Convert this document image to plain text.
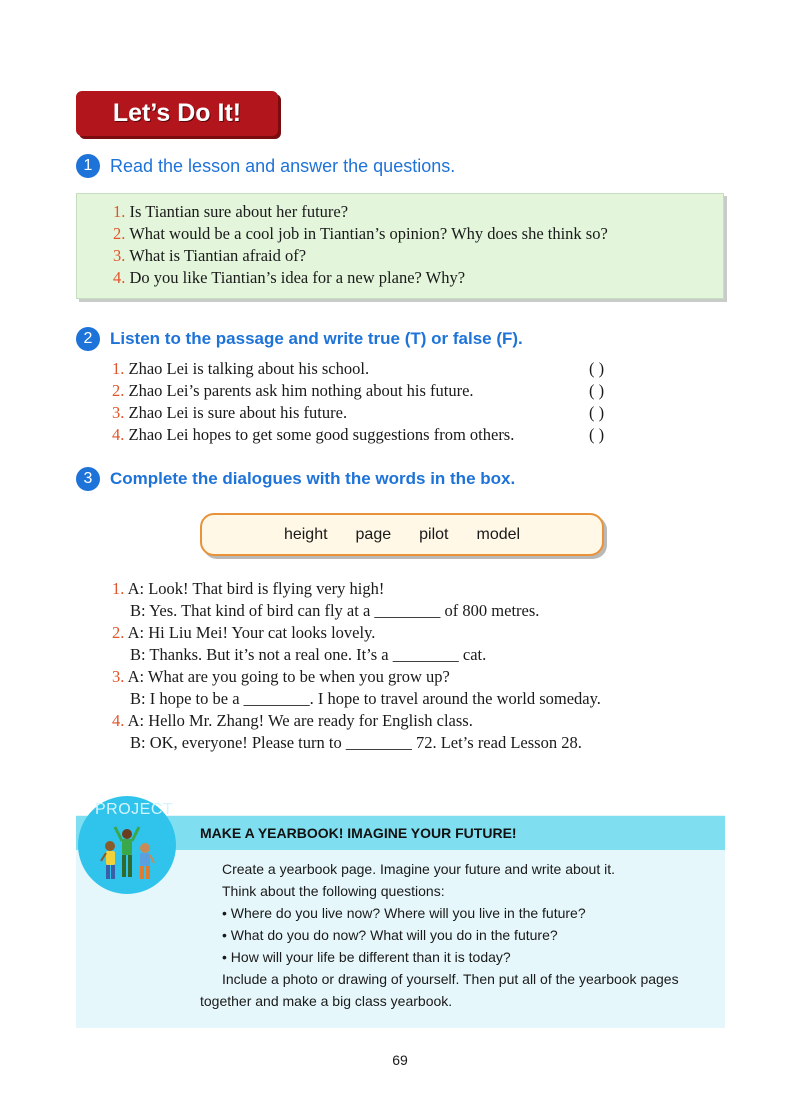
Let’s Do It!
1 Read the lesson and answer the questions.
1. Is Tiantian sure about her future?
2. What would be a cool job in Tiantian’s opinion? Why does she think so?
3. What is Tiantian afraid of?
4. Do you like Tiantian’s idea for a new plane? Why?
2	Listen to the passage and write true (T) or false (F).
1. Zhao Lei is talking about his school.	( )
2. Zhao Lei’s parents ask him nothing about his future.	( )
3. Zhao Lei is sure about his future.	( )
4. Zhao Lei hopes to get some good suggestions from others.	( )
3	Complete the dialogues with the words in the box.
height page pilot model
1. A: Look! That bird is flying very high!
B: Yes. That kind of bird can fly at a ________ of 800 metres.
2. A: Hi Liu Mei! Your cat looks lovely.
B: Thanks. But it’s not a real one. It’s a ________ cat.
3. A: What are you going to be when you grow up?
B: I hope to be a ________. I hope to travel around the world someday.
4. A: Hello Mr. Zhang! We are ready for English class.
B: OK, everyone! Please turn to ________ 72. Let’s read Lesson 28.
MAKE A YEARBOOK! IMAGINE YOUR FUTURE!
PROJECT
Create a yearbook page. Imagine your future and write about it.
Think about the following questions:
• Where do you live now? Where will you live in the future?
• What do you do now? What will you do in the future?
• How will your life be different than it is today?
Include a photo or drawing of yourself. Then put all of the yearbook pages
together and make a big class yearbook.
69
